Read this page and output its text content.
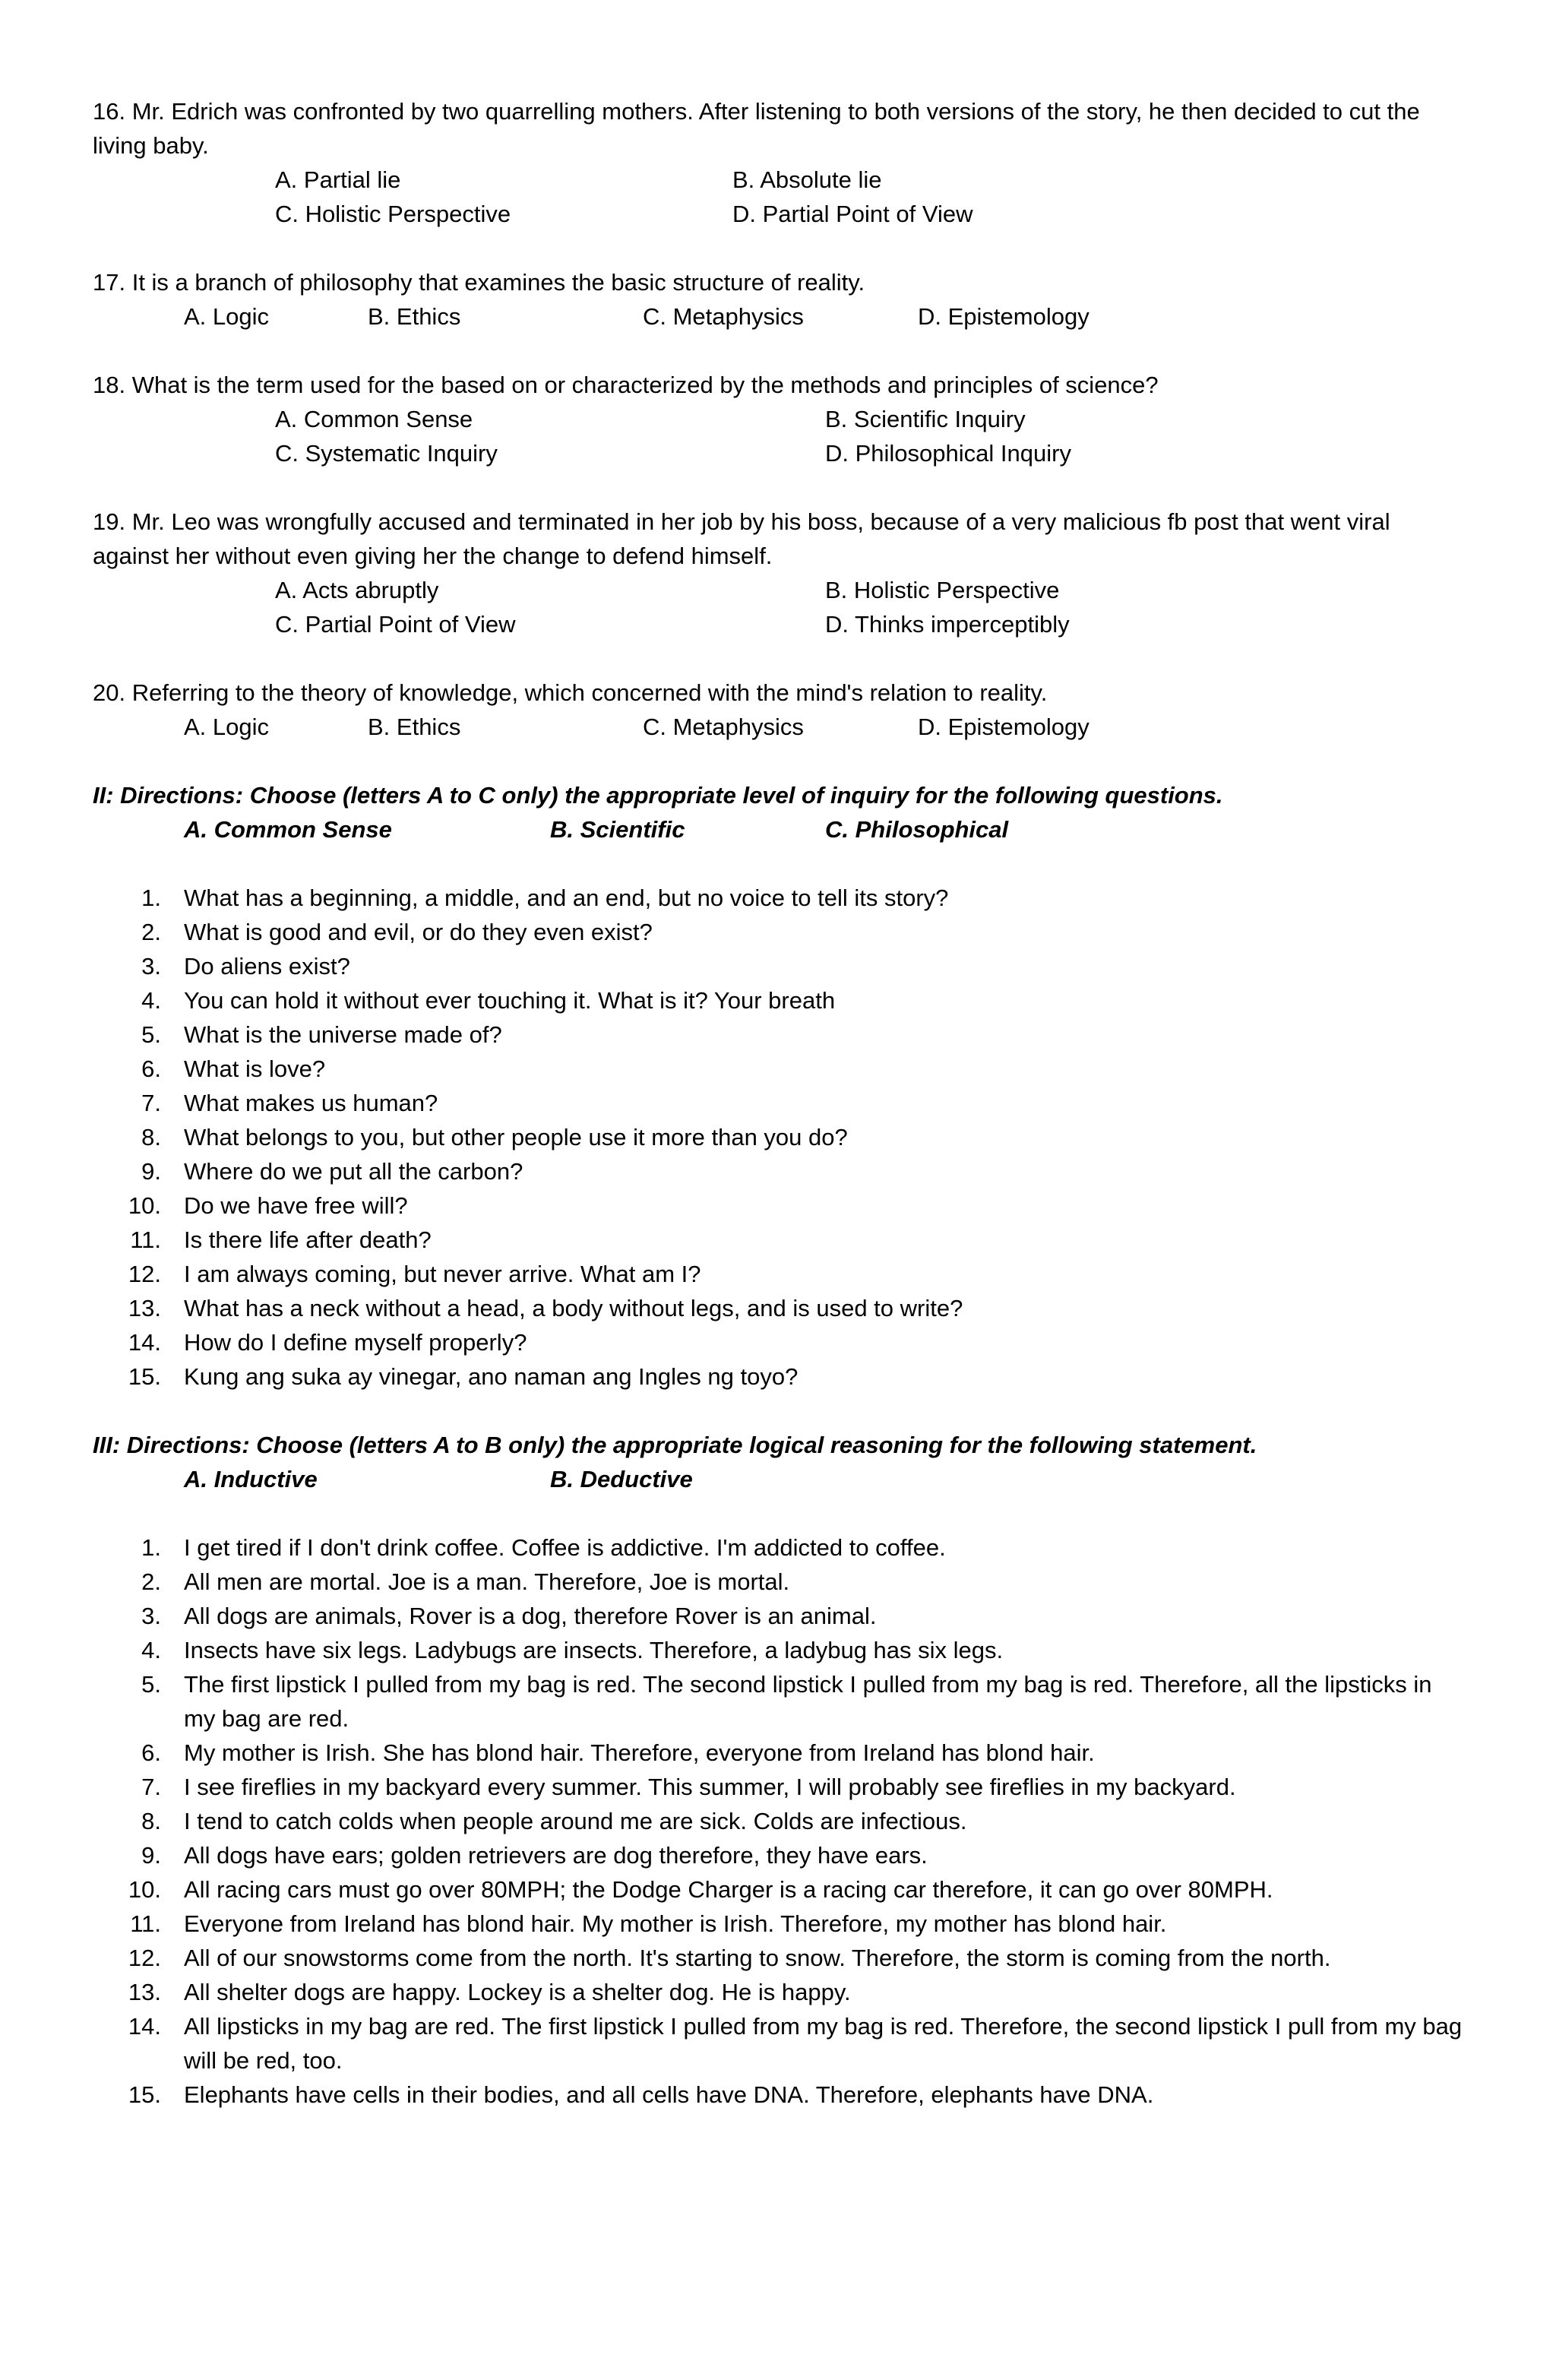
16. Mr. Edrich was confronted by two quarrelling mothers. After listening to both versions of the story, he then decided to cut the living baby.

A. Partial lie	B. Absolute lie
C. Holistic Perspective	D. Partial Point of View

17. It is a branch of philosophy that examines the basic structure of reality.

A. Logic	B. Ethics	C. Metaphysics	D. Epistemology

18. What is the term used for the based on or characterized by the methods and principles of science?

A. Common Sense	B. Scientific Inquiry
C. Systematic Inquiry	D. Philosophical Inquiry

19. Mr. Leo was wrongfully accused and terminated in her job by his boss, because of a very malicious fb post that went viral against her without even giving her the change to defend himself.

A. Acts abruptly	B. Holistic Perspective
C. Partial Point of View	D. Thinks imperceptibly

20. Referring to the theory of knowledge, which concerned with the mind's relation to reality.

A. Logic	B. Ethics	C. Metaphysics	D. Epistemology

II: Directions: Choose (letters A to C only) the appropriate level of inquiry for the following questions.

A. Common Sense	B. Scientific	C. Philosophical
1. What has a beginning, a middle, and an end, but no voice to tell its story?
2. What is good and evil, or do they even exist?
3. Do aliens exist?
4. You can hold it without ever touching it. What is it? Your breath
5. What is the universe made of?
6. What is love?
7. What makes us human?
8. What belongs to you, but other people use it more than you do?
9. Where do we put all the carbon?
10. Do we have free will?
11. Is there life after death?
12. I am always coming, but never arrive. What am I?
13. What has a neck without a head, a body without legs, and is used to write?
14. How do I define myself properly?
15. Kung ang suka ay vinegar, ano naman ang Ingles ng toyo?

III: Directions: Choose (letters A to B only) the appropriate logical reasoning for the following statement.

A. Inductive	B. Deductive
1. I get tired if I don't drink coffee. Coffee is addictive. I'm addicted to coffee.
2. All men are mortal. Joe is a man. Therefore, Joe is mortal.
3. All dogs are animals, Rover is a dog, therefore Rover is an animal.
4. Insects have six legs. Ladybugs are insects. Therefore, a ladybug has six legs.
5. The first lipstick I pulled from my bag is red. The second lipstick I pulled from my bag is red. Therefore, all the lipsticks in my bag are red.
6. My mother is Irish. She has blond hair. Therefore, everyone from Ireland has blond hair.
7. I see fireflies in my backyard every summer. This summer, I will probably see fireflies in my backyard.
8. I tend to catch colds when people around me are sick. Colds are infectious.
9. All dogs have ears; golden retrievers are dog therefore, they have ears.
10. All racing cars must go over 80MPH; the Dodge Charger is a racing car therefore, it can go over 80MPH.
11. Everyone from Ireland has blond hair. My mother is Irish. Therefore, my mother has blond hair.
12. All of our snowstorms come from the north. It's starting to snow. Therefore, the storm is coming from the north.
13. All shelter dogs are happy. Lockey is a shelter dog. He is happy.
14. All lipsticks in my bag are red. The first lipstick I pulled from my bag is red. Therefore, the second lipstick I pull from my bag will be red, too.
15. Elephants have cells in their bodies, and all cells have DNA. Therefore, elephants have DNA.
